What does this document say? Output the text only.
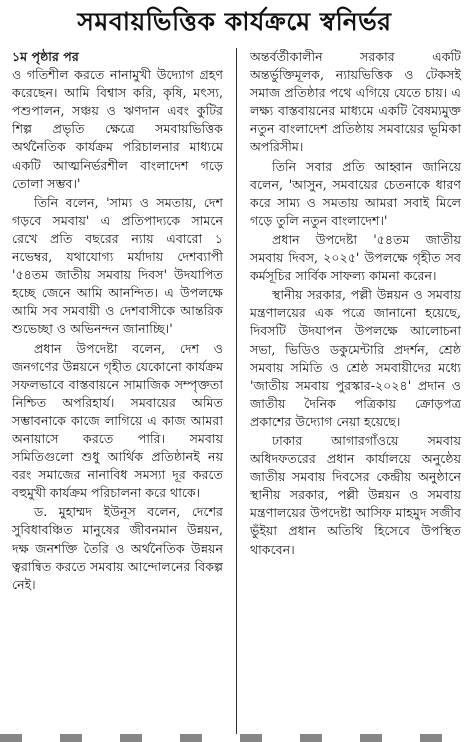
সমবায়ভিত্তিক কার্যক্রমে স্বনির্ভর

১ম পৃষ্ঠার পর
ও গতিশীল করতে নানামুখী উদ্যোগ গ্রহণ করেছেন। আমি বিশ্বাস করি, কৃষি, মৎস্য, পশুপালন, সঞ্চয় ও ঋণদান এবং কুটির শিল্প প্রভৃতি ক্ষেত্রে সমবায়ভিত্তিক অর্থনৈতিক কার্যক্রম পরিচালনার মাধ্যমে একটি আত্মনির্ভরশীল বাংলাদেশ গড়ে তোলা সম্ভব।'

তিনি বলেন, 'সাম্য ও সমতায়, দেশ গড়বে সমবায়' এ প্রতিপাদ্যকে সামনে রেখে প্রতি বছরের ন্যায় এবারো ১ নভেম্বর, যথাযোগ্য মর্যাদায় দেশব্যাপী '৫৪তম জাতীয় সমবায় দিবস' উদযাপিত হচ্ছে জেনে আমি আনন্দিত। এ উপলক্ষে আমি সব সমবায়ী ও দেশবাসীকে আন্তরিক শুভেচ্ছা ও অভিনন্দন জানাচ্ছি।'

প্রধান উপদেষ্টা বলেন, দেশ ও জনগণের উন্নয়নে গৃহীত যেকোনো কার্যক্রম সফলভাবে বাস্তবায়নে সামাজিক সম্পৃক্ততা নিশ্চিত অপরিহার্য। সমবায়ের অমিত সম্ভাবনাকে কাজে লাগিয়ে এ কাজ আমরা অনায়াসে করতে পারি। সমবায় সমিতিগুলো শুধু আর্থিক প্রতিষ্ঠানই নয় বরং সমাজের নানাবিধ সমস্যা দূর করতে বহুমুখী কার্যক্রম পরিচালনা করে থাকে।

ড. মুহাম্মদ ইউনূস বলেন, দেশের সুবিধাবঞ্চিত মানুষের জীবনমান উন্নয়ন, দক্ষ জনশক্তি তৈরি ও অর্থনৈতিক উন্নয়ন ত্বরান্বিত করতে সমবায় আন্দোলনের বিকল্প নেই।

অন্তর্বর্তীকালীন সরকার একটি অন্তর্ভুক্তিমূলক, ন্যায়ভিত্তিক ও টেকসই সমাজ প্রতিষ্ঠার পথে এগিয়ে যেতে চায়। এ লক্ষ্য বাস্তবায়নের মাধ্যমে একটি বৈষম্যমুক্ত নতুন বাংলাদেশ প্রতিষ্ঠায় সমবায়ের ভূমিকা অপরিসীম।

তিনি সবার প্রতি আহ্বান জানিয়ে বলেন, 'আসুন, সমবায়ের চেতনাকে ধারণ করে সাম্য ও সমতায় আমরা সবাই মিলে গড়ে তুলি নতুন বাংলাদেশ।'

প্রধান উপদেষ্টা '৫৪তম জাতীয় সমবায় দিবস, ২০২৫' উপলক্ষে গৃহীত সব কর্মসূচির সার্বিক সাফল্য কামনা করেন।

স্থানীয় সরকার, পল্লী উন্নয়ন ও সমবায় মন্ত্রণালয়ের এক পত্রে জানানো হয়েছে, দিবসটি উদযাপন উপলক্ষে আলোচনা সভা, ভিডিও ডকুমেন্টারি প্রদর্শন, শ্রেষ্ঠ সমবায় সমিতি ও শ্রেষ্ঠ সমবায়ীদের মধ্যে 'জাতীয় সমবায় পুরস্কার-২০২৪' প্রদান ও জাতীয় দৈনিক পত্রিকায় ক্রোড়পত্র প্রকাশের উদ্যোগ নেয়া হয়েছে।

ঢাকার আগারগাঁওয়ে সমবায় অধিদফতরের প্রধান কার্যালয়ে অনুষ্ঠেয় জাতীয় সমবায় দিবসের কেন্দ্রীয় অনুষ্ঠানে স্থানীয় সরকার, পল্লী উন্নয়ন ও সমবায় মন্ত্রণালয়ের উপদেষ্টা আসিফ মাহমুদ সজীব ভুঁইয়া প্রধান অতিথি হিসেবে উপস্থিত থাকবেন।
